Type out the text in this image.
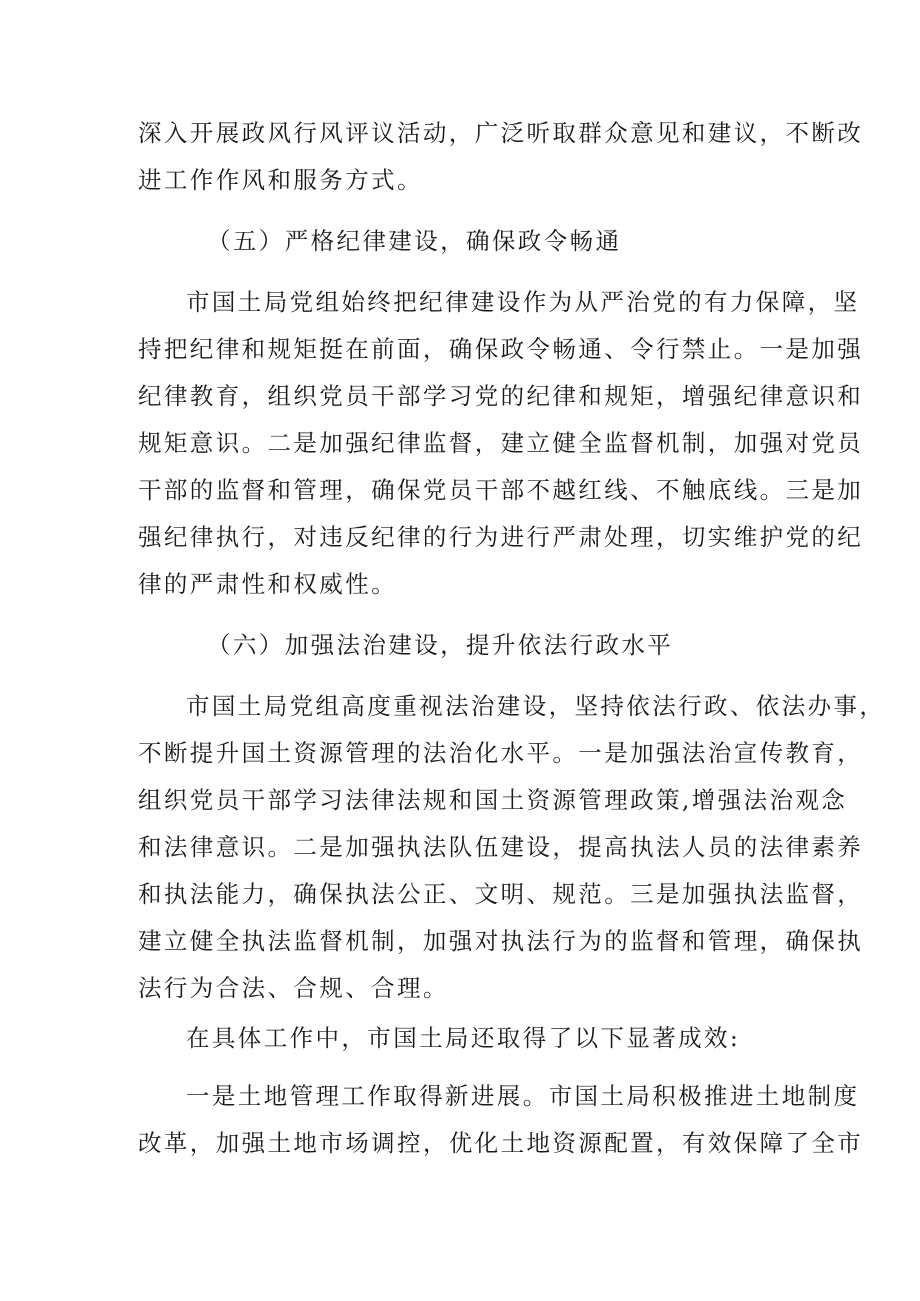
深入开展政风行风评议活动，广泛听取群众意见和建议，不断改
进工作作风和服务方式。
（五）严格纪律建设，确保政令畅通
市国土局党组始终把纪律建设作为从严治党的有力保障，坚
持把纪律和规矩挺在前面，确保政令畅通、令行禁止。一是加强
纪律教育，组织党员干部学习党的纪律和规矩，增强纪律意识和
规矩意识。二是加强纪律监督，建立健全监督机制，加强对党员
干部的监督和管理，确保党员干部不越红线、不触底线。三是加
强纪律执行，对违反纪律的行为进行严肃处理，切实维护党的纪
律的严肃性和权威性。
（六）加强法治建设，提升依法行政水平
市国土局党组高度重视法治建设，坚持依法行政、依法办事，
不断提升国土资源管理的法治化水平。一是加强法治宣传教育，
组织党员干部学习法律法规和国土资源管理政策,增强法治观念
和法律意识。二是加强执法队伍建设，提高执法人员的法律素养
和执法能力，确保执法公正、文明、规范。三是加强执法监督，
建立健全执法监督机制，加强对执法行为的监督和管理，确保执
法行为合法、合规、合理。
在具体工作中，市国土局还取得了以下显著成效:
一是土地管理工作取得新进展。市国土局积极推进土地制度
改革，加强土地市场调控，优化土地资源配置，有效保障了全市
